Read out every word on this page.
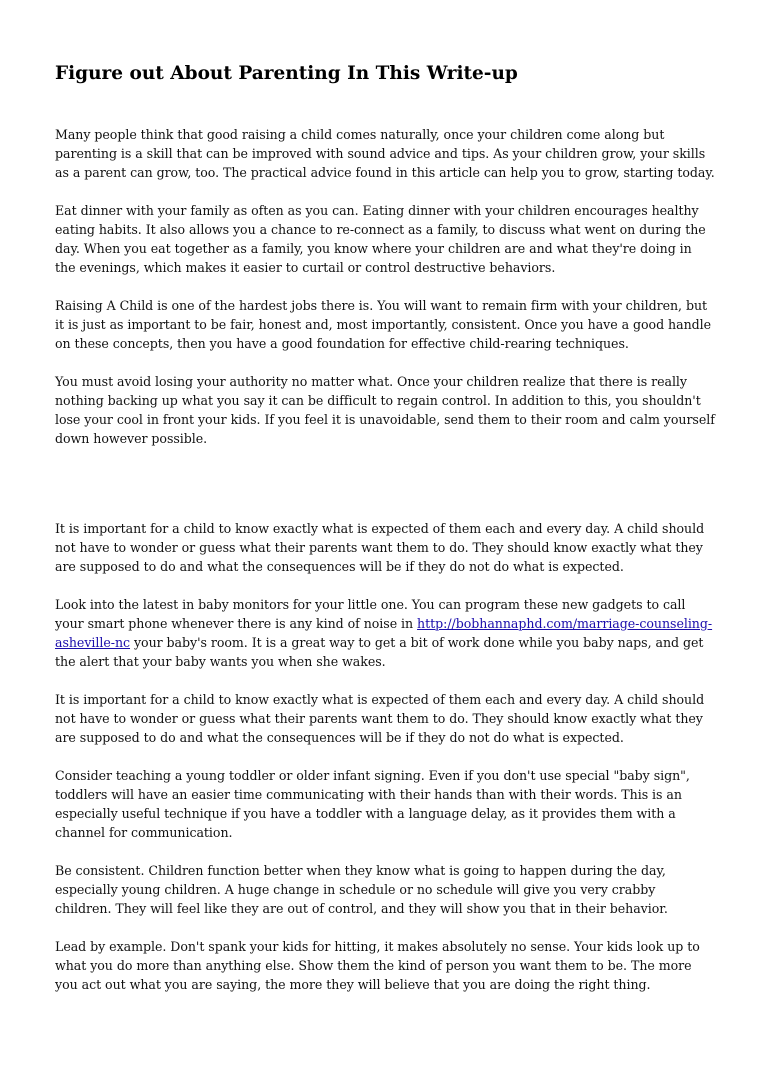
Figure out About Parenting In This Write-up

Many people think that good raising a child comes naturally, once your children come along but parenting is a skill that can be improved with sound advice and tips. As your children grow, your skills as a parent can grow, too. The practical advice found in this article can help you to grow, starting today.

Eat dinner with your family as often as you can. Eating dinner with your children encourages healthy eating habits. It also allows you a chance to re-connect as a family, to discuss what went on during the day. When you eat together as a family, you know where your children are and what they're doing in the evenings, which makes it easier to curtail or control destructive behaviors.

Raising A Child is one of the hardest jobs there is. You will want to remain firm with your children, but it is just as important to be fair, honest and, most importantly, consistent. Once you have a good handle on these concepts, then you have a good foundation for effective child-rearing techniques.

You must avoid losing your authority no matter what. Once your children realize that there is really nothing backing up what you say it can be difficult to regain control. In addition to this, you shouldn't lose your cool in front your kids. If you feel it is unavoidable, send them to their room and calm yourself down however possible.

It is important for a child to know exactly what is expected of them each and every day. A child should not have to wonder or guess what their parents want them to do. They should know exactly what they are supposed to do and what the consequences will be if they do not do what is expected.

Look into the latest in baby monitors for your little one. You can program these new gadgets to call your smart phone whenever there is any kind of noise in http://bobhannaphd.com/marriage-counseling-asheville-nc your baby's room. It is a great way to get a bit of work done while you baby naps, and get the alert that your baby wants you when she wakes.

It is important for a child to know exactly what is expected of them each and every day. A child should not have to wonder or guess what their parents want them to do. They should know exactly what they are supposed to do and what the consequences will be if they do not do what is expected.

Consider teaching a young toddler or older infant signing. Even if you don't use special "baby sign", toddlers will have an easier time communicating with their hands than with their words. This is an especially useful technique if you have a toddler with a language delay, as it provides them with a channel for communication.

Be consistent. Children function better when they know what is going to happen during the day, especially young children. A huge change in schedule or no schedule will give you very crabby children. They will feel like they are out of control, and they will show you that in their behavior.

Lead by example. Don't spank your kids for hitting, it makes absolutely no sense. Your kids look up to what you do more than anything else. Show them the kind of person you want them to be. The more you act out what you are saying, the more they will believe that you are doing the right thing.
